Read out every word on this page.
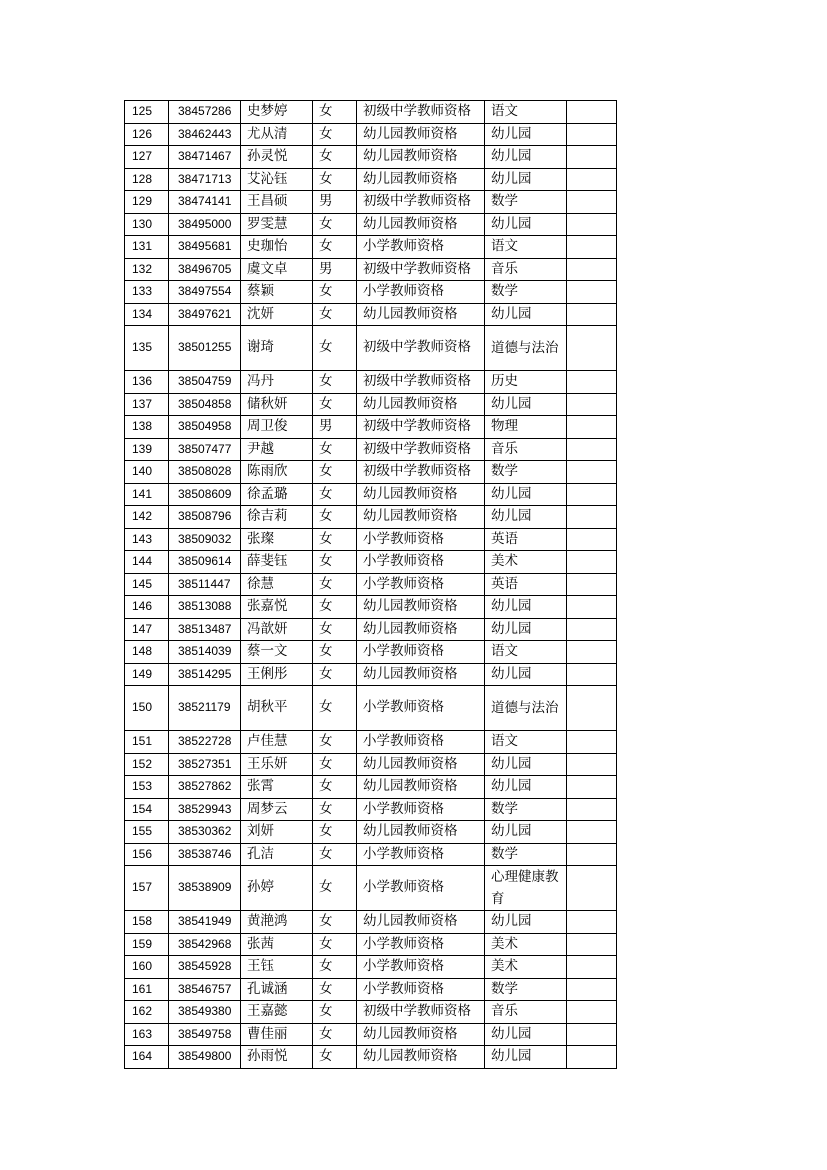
125	38457286	史梦婷	女	初级中学教师资格	语文	
126	38462443	尤从清	女	幼儿园教师资格	幼儿园	
127	38471467	孙灵悦	女	幼儿园教师资格	幼儿园	
128	38471713	艾沁钰	女	幼儿园教师资格	幼儿园	
129	38474141	王昌硕	男	初级中学教师资格	数学	
130	38495000	罗雯慧	女	幼儿园教师资格	幼儿园	
131	38495681	史珈怡	女	小学教师资格	语文	
132	38496705	虞文卓	男	初级中学教师资格	音乐	
133	38497554	蔡颖	女	小学教师资格	数学	
134	38497621	沈妍	女	幼儿园教师资格	幼儿园	
135	38501255	谢琦	女	初级中学教师资格	道德与法治	
136	38504759	冯丹	女	初级中学教师资格	历史	
137	38504858	储秋妍	女	幼儿园教师资格	幼儿园	
138	38504958	周卫俊	男	初级中学教师资格	物理	
139	38507477	尹越	女	初级中学教师资格	音乐	
140	38508028	陈雨欣	女	初级中学教师资格	数学	
141	38508609	徐孟璐	女	幼儿园教师资格	幼儿园	
142	38508796	徐吉莉	女	幼儿园教师资格	幼儿园	
143	38509032	张璨	女	小学教师资格	英语	
144	38509614	薛斐钰	女	小学教师资格	美术	
145	38511447	徐慧	女	小学教师资格	英语	
146	38513088	张嘉悦	女	幼儿园教师资格	幼儿园	
147	38513487	冯歆妍	女	幼儿园教师资格	幼儿园	
148	38514039	蔡一文	女	小学教师资格	语文	
149	38514295	王俐彤	女	幼儿园教师资格	幼儿园	
150	38521179	胡秋平	女	小学教师资格	道德与法治	
151	38522728	卢佳慧	女	小学教师资格	语文	
152	38527351	王乐妍	女	幼儿园教师资格	幼儿园	
153	38527862	张霄	女	幼儿园教师资格	幼儿园	
154	38529943	周梦云	女	小学教师资格	数学	
155	38530362	刘妍	女	幼儿园教师资格	幼儿园	
156	38538746	孔洁	女	小学教师资格	数学	
157	38538909	孙婷	女	小学教师资格	心理健康教育	
158	38541949	黄滟鸿	女	幼儿园教师资格	幼儿园	
159	38542968	张茜	女	小学教师资格	美术	
160	38545928	王钰	女	小学教师资格	美术	
161	38546757	孔诚涵	女	小学教师资格	数学	
162	38549380	王嘉懿	女	初级中学教师资格	音乐	
163	38549758	曹佳丽	女	幼儿园教师资格	幼儿园	
164	38549800	孙雨悦	女	幼儿园教师资格	幼儿园	
